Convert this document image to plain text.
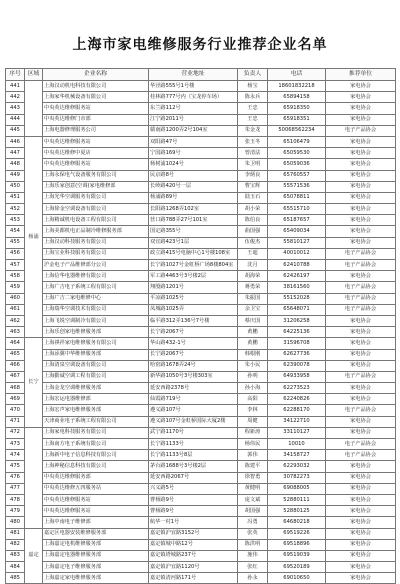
上海市家电维修服务行业推荐企业名单
序号	区域	企业名称	营业地址	负责人	电话	推荐单位
441		上海汉动机电科技有限公司	华泾路555号1号楼	杨宝	18601832218	家电协会
442		上海家华机械设备有限公司	桂林路777号内（宝龙停车场）	陈永兵	65894158	家电协会
443		中央英达维修服务站	东兰路112号	王忠	65918350	家电协会
444		中央英达维修门市部	江宁路2011号	王忠	65918351	家电协会
445		上海电器修理服务公司	赣南路1200弄2号104室	朱金龙	50068562234	电子产品协会
446	杨浦	中央英达维修服务站	双阳路47号	张玉冬	65106479	家电协会
447		中央英达维修中夏店	宁国路169号	曾清法	65059530	家电协会
448		中央英达维修服务站	杨树浦1024号	朱卫明	65059036	家电协会
449		上海永保电气设备服务有限公司	民京路8号	李炳良	65760557	家电协会
450		上海乐家创意(空调)家电维修部	长岭路420号一层	曹宝辉	55571536	家电协会
451		上海光华空调服务有限公司	杨浦路89号	陆玉石	65078811	家电协会
452		上海徐金空调设备有限公司	长阳路1268弄102室	胡小荣	65515710	家电协会
453		上海精诚机电设备工程有限公司	营口路788弄27号101室	陈伯良	65187657	家电协会
454		上海美都机电正品制冷维修服务部	国定路355号	曲国强	65409034	家电协会
455		上海汉动科技服务有限公司	双宜路423号1层	伍俊杰	55810127	家电协会
456		上海宝业科技服务有限公司	政立路415号电脑中心1号楼108室	王超	40010012	电子产品协会
457		沪金电子产品维修部分公司	长宁路1027号金虹桥广场8楼804室	沈月	62410788	电子产品协会
458		上海信华电器维修有限公司	军工路4463号3号楼2层	胡海荣	62426197	家电协会
459		上海广吉电子系统工程有限公司	翔殷路1201号	蒋勇荣	38161560	电子产品协会
460		上海广吉二家电维修中心	平凉路1025号	朱振国	55152028	电子产品协会
461		上海瑞华空调技术有限公司	凤城路1025弄	余卫宝	65648071	电子产品协会
462		上海飞锐空调制冷有限公司	临平路312弄136号7号楼	蔡庆国	31206258	家电协会
463		上海乐创家电维修服务部	长宁路2067号	黄鹏	64225136	家电协会
464	长宁	上海祺祥家电维修服务有限公司	华山路432-1号	黄鹏	31596708	家电协会
465		上海添翼中华维修服务部	长宁路2067号	韩根刚	62627736	家电协会
466		上海清泉空调设备有限公司	哈密路1678弄24号	朱小民	62390078	家电协会
467		上海勤诚空调工程有限公司	新华路1050号3号楼303室	孙明	64933958	电子产品协会
468		上海金龙空调维修服务部	延安西路2378号	孙小海	62273523	家电协会
469		上海宏运电器维修部	仙霞路719号	高阳	62240826	家电协会
470		上海宏声家电维修服务部	遵义路107号	李林	62288170	电子产品协会
471		天津商业电子系统工程有限公司	遵义路107号金虹桥国际大厦2楼	周健	34122710	家电协会
472		上海家电科技服务有限公司	武宁路1170号	程新涛	33110127	家电协会
473		上海南方电子系统有限公司	长宁路1133号	杨伟民	10010	电子产品协会
474		上海新中电子信息科技有限公司	长宁路1133号8层	郭伟	34158727	电子产品协会
475		上海神秘信息科技有限公司	茅台路1688号3号楼2层	陈建平	62293032	家电协会
476		中央英达维修服务部	延安西路2067号	徐智勇	30782273	家电协会
477		中央英达维修五四服务站	兴义路5号	黄健明	69088005	家电协会
478		中央英达维修服务站	曹杨路9号	庞文斌	52880111	家电协会
479		中央英达维修服务站	曹杨路9号	胡国强	52880125	家电协会
480		上海中南电子维修部	航华一村1号	冯勇	64680218	家电协会
481	嘉定	嘉定区电器安装维修服务部	嘉定镇沪宜路3152号	张英	69519226	家电协会
482		上海嘉定电机维修服务部	嘉定镇城中路12号	陈洪明	69518896	家电协会
483		上海嘉定电器维修服务部	嘉定镇塔城路237号	施伟	69519039	家电协会
484		上海嘉定电子维修服务部	嘉定镇沪宜路1120号	张红	69520189	家电协会
485		上海嘉定家电维修服务部	嘉定镇清河路171号	孙永	69010650	家电协会
